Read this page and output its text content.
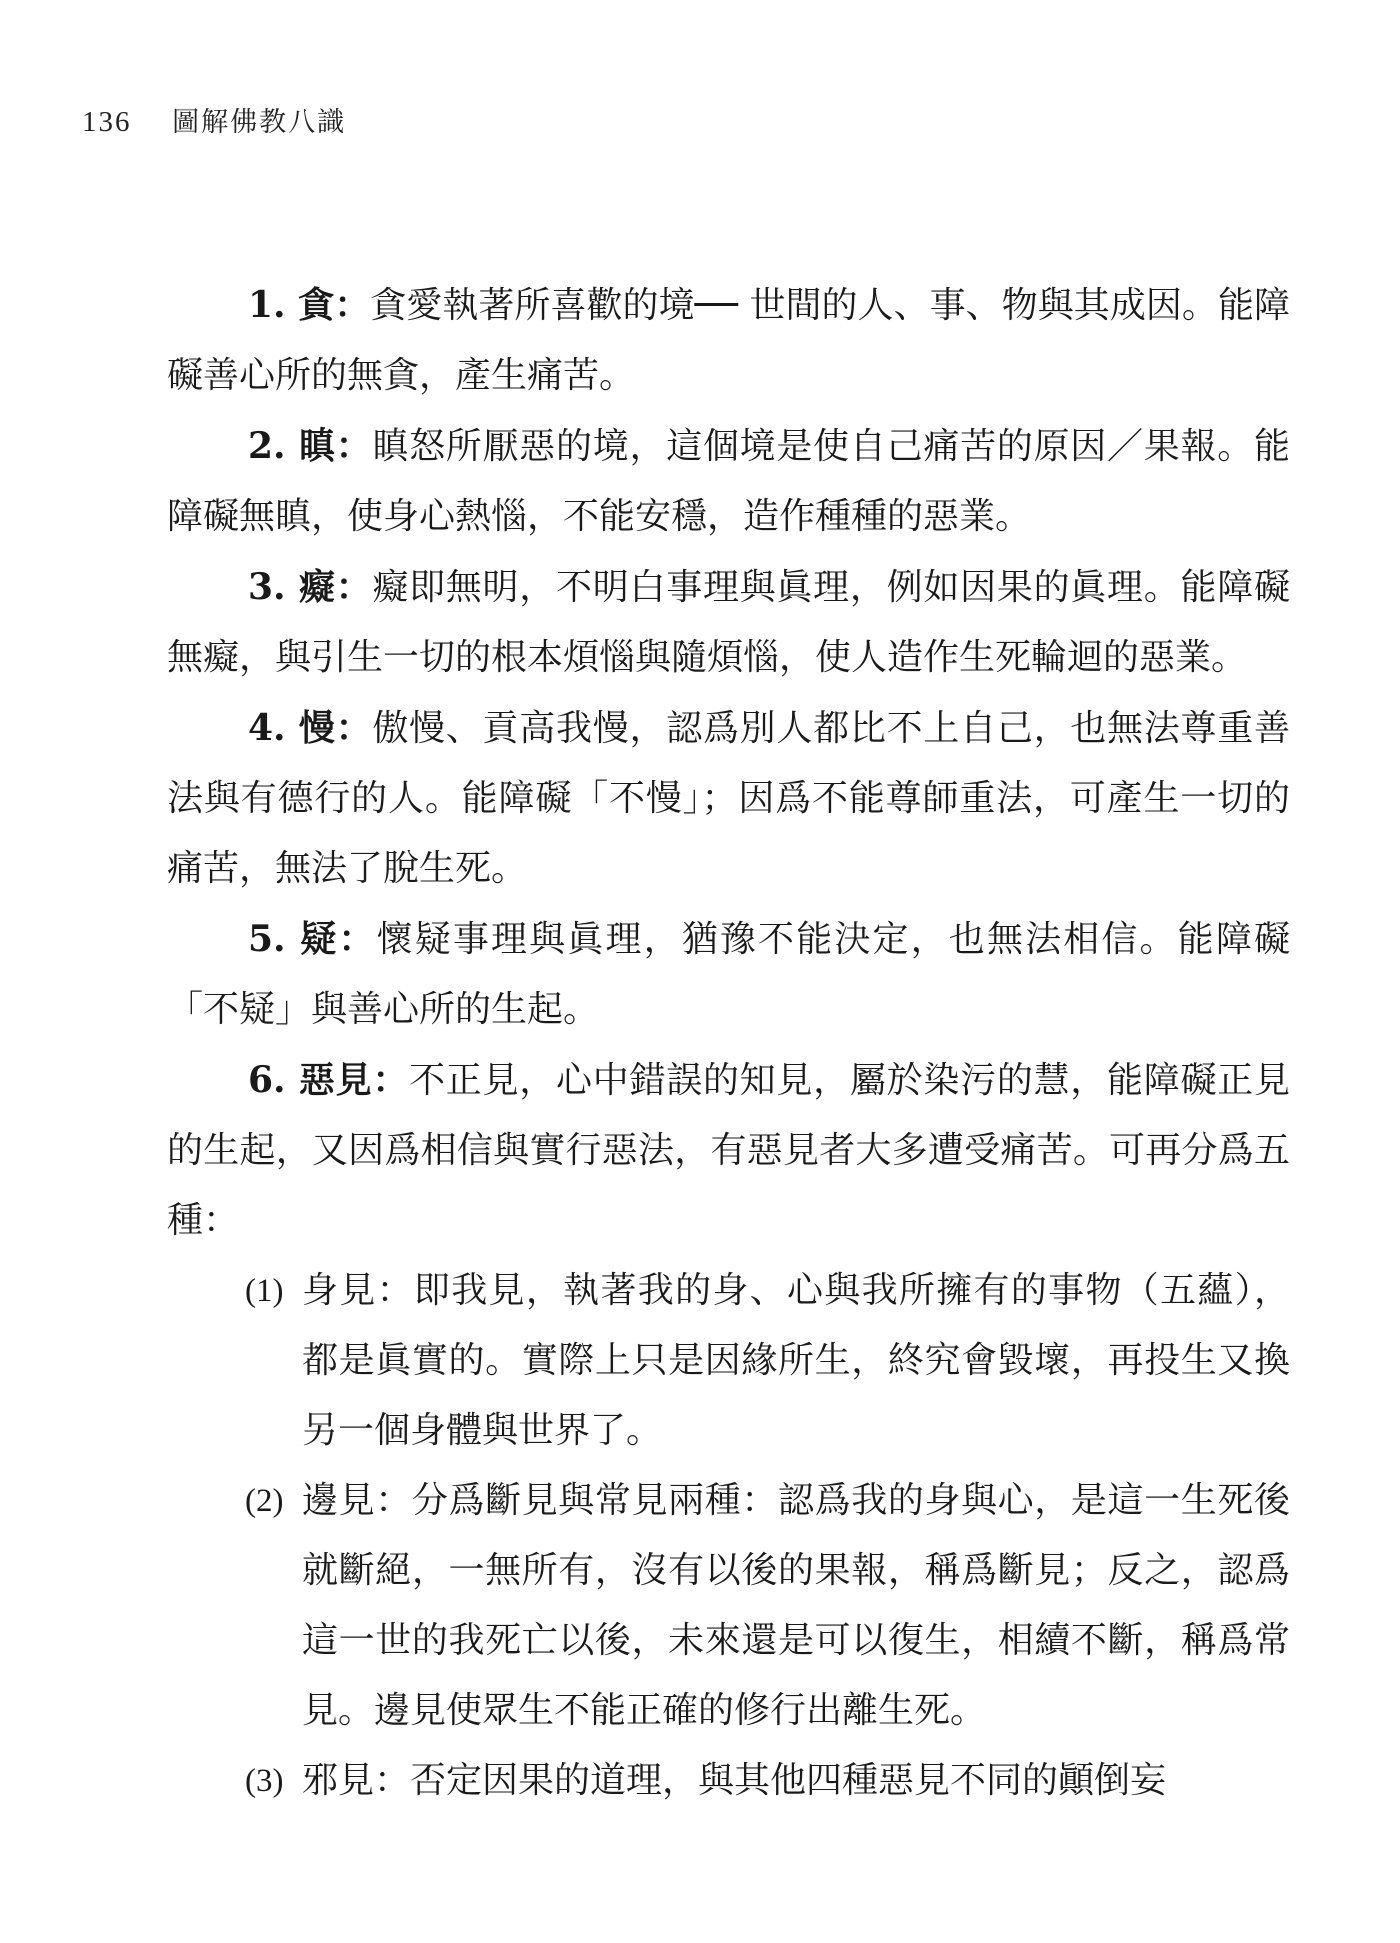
136 圖解佛教八識

1. 貪：貪愛執著所喜歡的境── 世間的人、事、物與其成因。能障礙善心所的無貪，產生痛苦。

2. 瞋：瞋怒所厭惡的境，這個境是使自己痛苦的原因／果報。能障礙無瞋，使身心熱惱，不能安穩，造作種種的惡業。

3. 癡：癡即無明，不明白事理與眞理，例如因果的眞理。能障礙無癡，與引生一切的根本煩惱與隨煩惱，使人造作生死輪迴的惡業。

4. 慢：傲慢、貢高我慢，認爲別人都比不上自己，也無法尊重善法與有德行的人。能障礙「不慢」；因爲不能尊師重法，可產生一切的痛苦，無法了脫生死。

5. 疑：懷疑事理與眞理，猶豫不能決定，也無法相信。能障礙「不疑」與善心所的生起。

6. 惡見：不正見，心中錯誤的知見，屬於染污的慧，能障礙正見的生起，又因爲相信與實行惡法，有惡見者大多遭受痛苦。可再分爲五種：

(1) 身見：即我見，執著我的身、心與我所擁有的事物（五蘊），都是眞實的。實際上只是因緣所生，終究會毀壞，再投生又換另一個身體與世界了。
(2) 邊見：分爲斷見與常見兩種：認爲我的身與心，是這一生死後就斷絕，一無所有，沒有以後的果報，稱爲斷見；反之，認爲這一世的我死亡以後，未來還是可以復生，相續不斷，稱爲常見。邊見使眾生不能正確的修行出離生死。
(3) 邪見：否定因果的道理，與其他四種惡見不同的顚倒妄
